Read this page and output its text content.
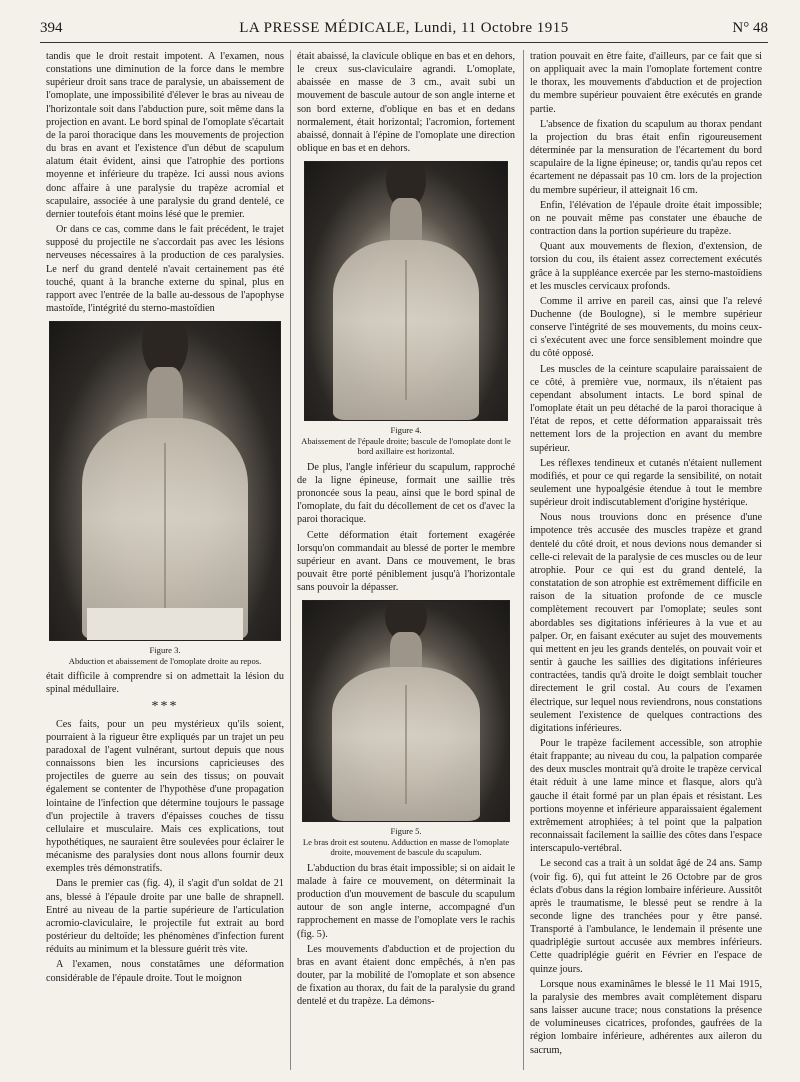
394	LA PRESSE MÉDICALE, Lundi, 11 Octobre 1915	N° 48

tandis que le droit restait impotent. A l'examen, nous constations une diminution de la force dans le membre supérieur droit sans trace de paralysie, un abaissement de l'omoplate, une impossibilité d'élever le bras au niveau de l'horizontale soit dans l'abduction pure, soit même dans la projection en avant. Le bord spinal de l'omoplate s'écartait de la paroi thoracique dans les mouvements de projection du bras en avant et l'existence d'un début de scapulum alatum était évident, ainsi que l'atrophie des portions moyenne et inférieure du trapèze. Ici aussi nous avions donc affaire à une paralysie du trapèze acromial et scapulaire, associée à une paralysie du grand dentelé, ce dernier toutefois étant moins lésé que le premier.

Or dans ce cas, comme dans le fait précédent, le trajet supposé du projectile ne s'accordait pas avec les lésions nerveuses nécessaires à la production de ces paralysies. Le nerf du grand dentelé n'avait certainement pas été touché, quant à la branche externe du spinal, plus en rapport avec l'entrée de la balle au-dessous de l'apophyse mastoïde, l'intégrité du sterno-mastoïdien

Figure 3.
Abduction et abaissement de l'omoplate droite au repos.

était difficile à comprendre si on admettait la lésion du spinal médullaire.

***

Ces faits, pour un peu mystérieux qu'ils soient, pourraient à la rigueur être expliqués par un trajet un peu paradoxal de l'agent vulnérant, surtout depuis que nous connaissons bien les incursions capricieuses des projectiles de guerre au sein des tissus; on pouvait également se contenter de l'hypothèse d'une propagation lointaine de l'infection que détermine toujours le passage d'un projectile à travers d'épaisses couches de tissu cellulaire et musculaire. Mais ces explications, tout hypothétiques, ne sauraient être soulevées pour éclairer le mécanisme des paralysies dont nous allons fournir deux exemples très démonstratifs.

Dans le premier cas (fig. 4), il s'agit d'un soldat de 21 ans, blessé à l'épaule droite par une balle de shrapnell. Entré au niveau de la partie supérieure de l'articulation acromio-claviculaire, le projectile fut extrait au bord postérieur du deltoïde; les phénomènes d'infection furent réduits au minimum et la blessure guérit très vite.

A l'examen, nous constatâmes une déformation considérable de l'épaule droite. Tout le moignon

était abaissé, la clavicule oblique en bas et en dehors, le creux sus-claviculaire agrandi. L'omoplate, abaissée en masse de 3 cm., avait subi un mouvement de bascule autour de son angle interne et son bord externe, d'oblique en bas et en dedans normalement, était horizontal; l'acromion, fortement abaissé, donnait à l'épine de l'omoplate une direction oblique en bas et en dehors.

Figure 4.
Abaissement de l'épaule droite; bascule de l'omoplate dont le bord axillaire est horizontal.

De plus, l'angle inférieur du scapulum, rapproché de la ligne épineuse, formait une saillie très prononcée sous la peau, ainsi que le bord spinal de l'omoplate, du fait du décollement de cet os d'avec la paroi thoracique.

Cette déformation était fortement exagérée lorsqu'on commandait au blessé de porter le membre supérieur en avant. Dans ce mouvement, le bras pouvait être porté péniblement jusqu'à l'horizontale sans pouvoir la dépasser.

Figure 5.
Le bras droit est soutenu. Adduction en masse de l'omoplate droite, mouvement de bascule du scapulum.

L'abduction du bras était impossible; si on aidait le malade à faire ce mouvement, on déterminait la production d'un mouvement de bascule du scapulum autour de son angle interne, accompagné d'un rapprochement en masse de l'omoplate vers le rachis (fig. 5).

Les mouvements d'abduction et de projection du bras en avant étaient donc empêchés, à n'en pas douter, par la mobilité de l'omoplate et son absence de fixation au thorax, du fait de la paralysie du grand dentelé et du trapèze. La démons-

tration pouvait en être faite, d'ailleurs, par ce fait que si on appliquait avec la main l'omoplate fortement contre le thorax, les mouvements d'abduction et de projection du membre supérieur pouvaient être exécutés en grande partie.

L'absence de fixation du scapulum au thorax pendant la projection du bras était enfin rigoureusement déterminée par la mensuration de l'écartement du bord scapulaire de la ligne épineuse; or, tandis qu'au repos cet écartement ne dépassait pas 10 cm. lors de la projection du membre supérieur, il atteignait 16 cm.

Enfin, l'élévation de l'épaule droite était impossible; on ne pouvait même pas constater une ébauche de contraction dans la portion supérieure du trapèze.

Quant aux mouvements de flexion, d'extension, de torsion du cou, ils étaient assez correctement exécutés grâce à la suppléance exercée par les sterno-mastoïdiens et les muscles cervicaux profonds.

Comme il arrive en pareil cas, ainsi que l'a relevé Duchenne (de Boulogne), si le membre supérieur conserve l'intégrité de ses mouvements, du moins ceux-ci s'exécutent avec une force sensiblement moindre que du côté opposé.

Les muscles de la ceinture scapulaire paraissaient de ce côté, à première vue, normaux, ils n'étaient pas cependant absolument intacts. Le bord spinal de l'omoplate était un peu détaché de la paroi thoracique à l'état de repos, et cette déformation apparaissait très nettement lors de la projection en avant du membre supérieur.

Les réflexes tendineux et cutanés n'étaient nullement modifiés, et pour ce qui regarde la sensibilité, on notait seulement une hypoalgésie étendue à tout le membre supérieur droit indiscutablement d'origine hystérique.

Nous nous trouvions donc en présence d'une impotence très accusée des muscles trapèze et grand dentelé du côté droit, et nous devions nous demander si celle-ci relevait de la paralysie de ces muscles ou de leur atrophie. Pour ce qui est du grand dentelé, la constatation de son atrophie est extrêmement difficile en raison de la situation profonde de ce muscle complètement recouvert par l'omoplate; seules sont abordables ses digitations inférieures à la vue et au palper. Or, en faisant exécuter au sujet des mouvements qui mettent en jeu les grands dentelés, on pouvait voir et sentir à gauche les saillies des digitations inférieures contractées, tandis qu'à droite le doigt semblait toucher directement le gril costal. Au cours de l'examen électrique, sur lequel nous reviendrons, nous constations seulement l'existence de quelques contractions des digitations inférieures.

Pour le trapèze facilement accessible, son atrophie était frappante; au niveau du cou, la palpation comparée des deux muscles montrait qu'à droite le trapèze cervical était réduit à une lame mince et flasque, alors qu'à gauche il était formé par un plan épais et résistant. Les portions moyenne et inférieure apparaissaient également extrêmement atrophiées; à tel point que la palpation reconnaissait facilement la saillie des côtes dans l'espace interscapulo-vertébral.

Le second cas a trait à un soldat âgé de 24 ans. Samp (voir fig. 6), qui fut atteint le 26 Octobre par de gros éclats d'obus dans la région lombaire inférieure. Aussitôt après le traumatisme, le blessé peut se rendre à la seconde ligne des tranchées pour y être pansé. Transporté à l'ambulance, le lendemain il présente une quadriplégie surtout accusée aux membres inférieurs. Cette quadriplégie guérit en Février en l'espace de quinze jours.

Lorsque nous examinâmes le blessé le 11 Mai 1915, la paralysie des membres avait complètement disparu sans laisser aucune trace; nous constations la présence de volumineuses cicatrices, profondes, gaufrées de la région lombaire inférieure, adhérentes aux aileron du sacrum,
